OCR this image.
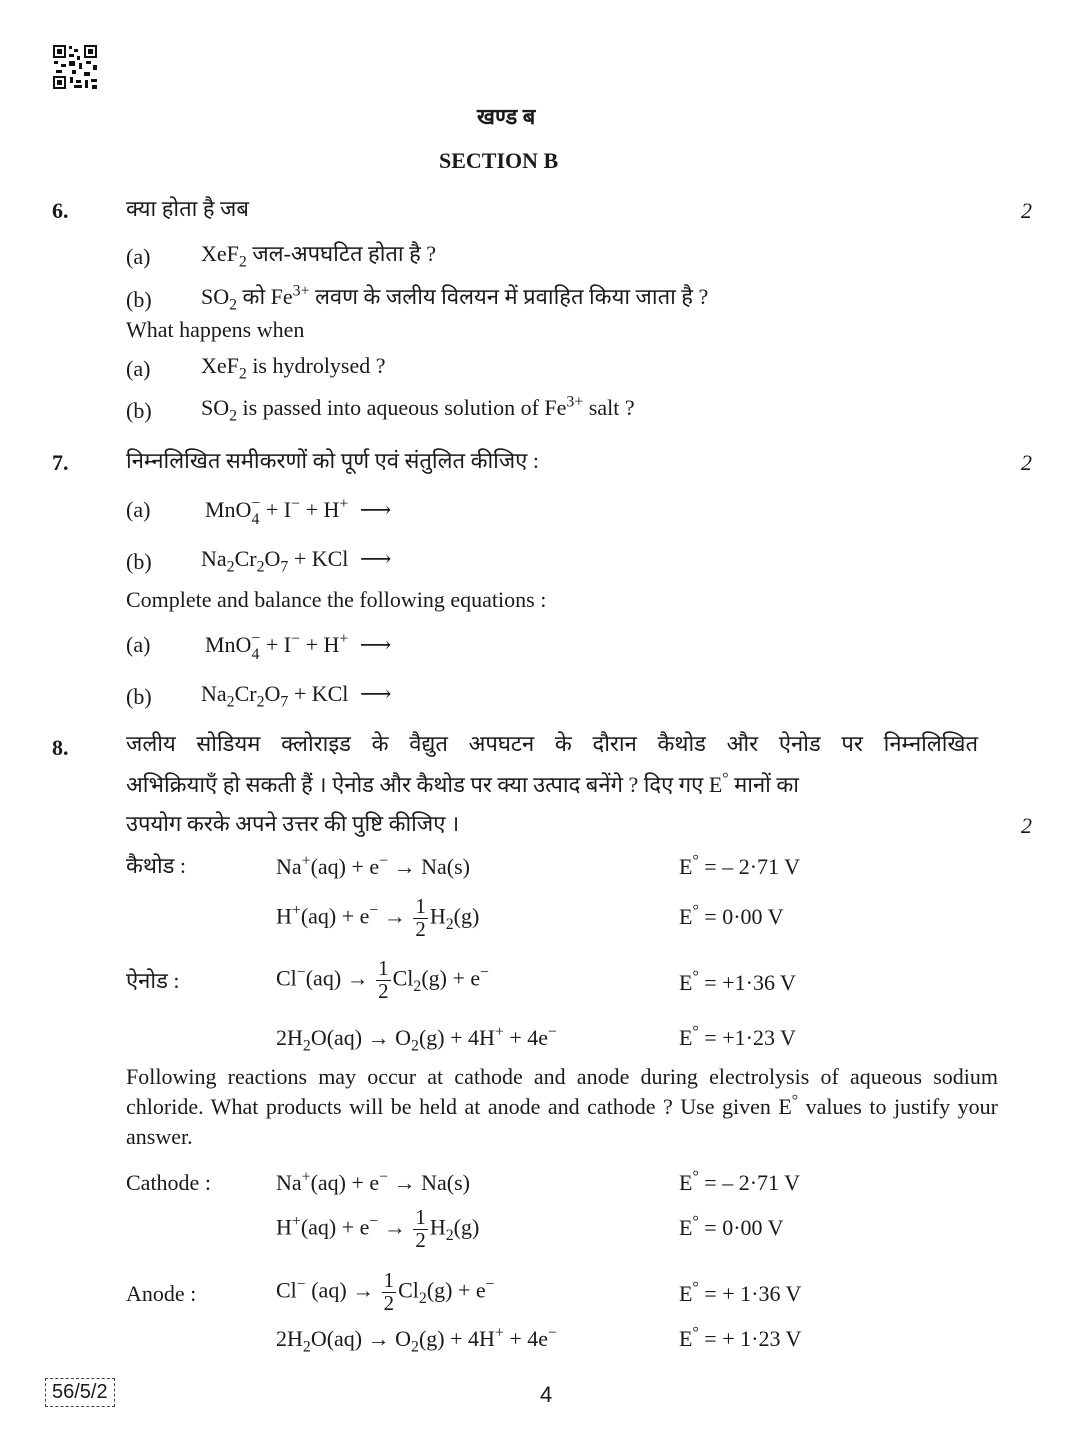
खण्ड ब
SECTION B
6.	क्या होता है जब	2
(a) XeF$_2$ जल-अपघटित होता है ?
(b) $SO_2$ को $Fe^{3+}$ लवण के जलीय विलयन में प्रवाहित किया जाता है ?
What happens when
(a) XeF$_2$ is hydrolysed ?
(b) $SO_2$ is passed into aqueous solution of $Fe^{3+}$ salt ?
7.	निम्नलिखित समीकरणों को पूर्ण एवं संतुलित कीजिए :	2
(a) MnO −
4 + I− + H+ ⟶
(b) $Na_2Cr_2O_7$ + KCl ⟶
Complete and balance the following equations :
(a) MnO −
4 + I− + H+ ⟶
(b) $Na_2Cr_2O_7$ + KCl ⟶
8.	जलीय सोडियम क्लोराइड के वैद्युत अपघटन के दौरान कैथोड और ऐनोड पर निम्नलिखित
अभिक्रियाएँ हो सकती हैं । ऐनोड और कैथोड पर क्या उत्पाद बनेंगे ? दिए गए E° मानों का
उपयोग करके अपने उत्तर की पुष्टि कीजिए ।	2
कैथोड :	Na+(aq) + e− → Na(s)	E° = – 2·71 V
$H^+(aq) + e^- \to \frac{1}{2} H_2(g)$	E° = 0·00 V
ऐनोड :	$Cl^-(aq) \to \frac{1}{2} Cl_2(g) + e^-$	E° = +1·36 V
$2H_2O(aq) \to O_2(g) + 4H^+ + 4e^-$	E° = +1·23 V
Following reactions may occur at cathode and anode during electrolysis of aqueous sodium chloride. What products will be held at anode and cathode ? Use given E° values to justify your answer.
Cathode :	Na+(aq) + e− → Na(s)	E° = – 2·71 V
$H^+(aq) + e^- \to \frac{1}{2} H_2(g)$	E° = 0·00 V
Anode :	Cl− $(aq) \to \frac{1}{2} Cl_2(g) + e^-$	E° = + 1·36 V
$2H_2O(aq) \to O_2(g) + 4H^+ + 4e^-$	E° = + 1·23 V
56/5/2	4
